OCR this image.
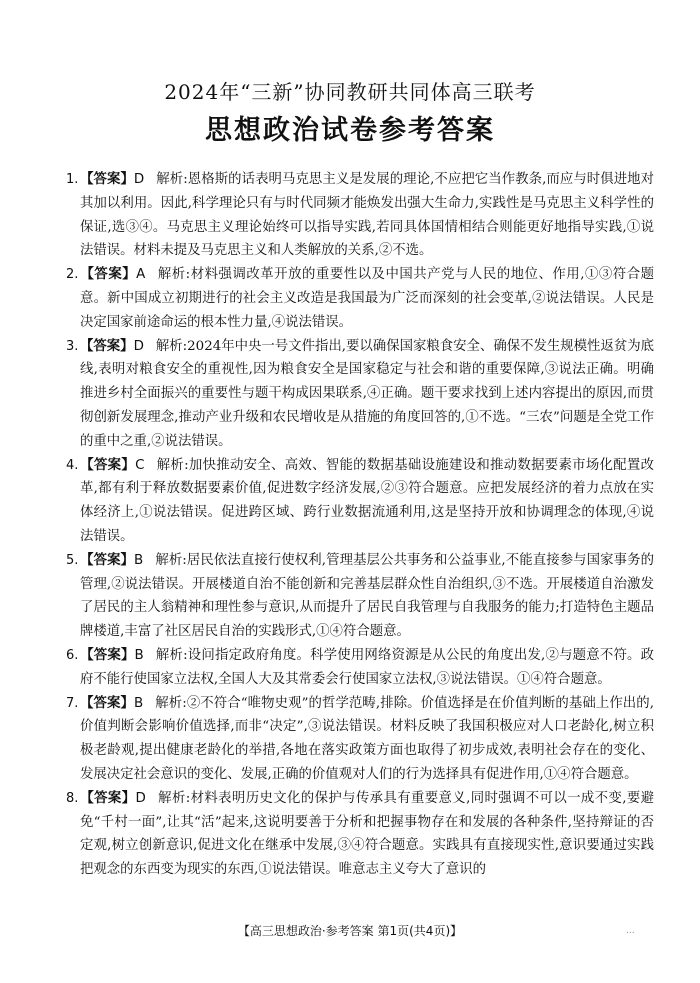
2024年“三新”协同教研共同体高三联考
思想政治试卷参考答案
1. 【答案】D 解析:恩格斯的话表明马克思主义是发展的理论,不应把它当作教条,而应与时俱进地对其加以利用。因此,科学理论只有与时代同频才能焕发出强大生命力,实践性是马克思主义科学性的保证,选③④。马克思主义理论始终可以指导实践,若同具体国情相结合则能更好地指导实践,①说法错误。材料未提及马克思主义和人类解放的关系,②不选。
2. 【答案】A 解析:材料强调改革开放的重要性以及中国共产党与人民的地位、作用,①③符合题意。新中国成立初期进行的社会主义改造是我国最为广泛而深刻的社会变革,②说法错误。人民是决定国家前途命运的根本性力量,④说法错误。
3. 【答案】D 解析:2024年中央一号文件指出,要以确保国家粮食安全、确保不发生规模性返贫为底线,表明对粮食安全的重视性,因为粮食安全是国家稳定与社会和谐的重要保障,③说法正确。明确推进乡村全面振兴的重要性与题干构成因果联系,④正确。题干要求找到上述内容提出的原因,而贯彻创新发展理念,推动产业升级和农民增收是从措施的角度回答的,①不选。“三农”问题是全党工作的重中之重,②说法错误。
4. 【答案】C 解析:加快推动安全、高效、智能的数据基础设施建设和推动数据要素市场化配置改革,都有利于释放数据要素价值,促进数字经济发展,②③符合题意。应把发展经济的着力点放在实体经济上,①说法错误。促进跨区域、跨行业数据流通利用,这是坚持开放和协调理念的体现,④说法错误。
5. 【答案】B 解析:居民依法直接行使权利,管理基层公共事务和公益事业,不能直接参与国家事务的管理,②说法错误。开展楼道自治不能创新和完善基层群众性自治组织,③不选。开展楼道自治激发了居民的主人翁精神和理性参与意识,从而提升了居民自我管理与自我服务的能力;打造特色主题品牌楼道,丰富了社区居民自治的实践形式,①④符合题意。
6. 【答案】B 解析:设问指定政府角度。科学使用网络资源是从公民的角度出发,②与题意不符。政府不能行使国家立法权,全国人大及其常委会行使国家立法权,③说法错误。①④符合题意。
7. 【答案】B 解析:②不符合“唯物史观”的哲学范畴,排除。价值选择是在价值判断的基础上作出的,价值判断会影响价值选择,而非“决定”,③说法错误。材料反映了我国积极应对人口老龄化,树立积极老龄观,提出健康老龄化的举措,各地在落实政策方面也取得了初步成效,表明社会存在的变化、发展决定社会意识的变化、发展,正确的价值观对人们的行为选择具有促进作用,①④符合题意。
8. 【答案】D 解析:材料表明历史文化的保护与传承具有重要意义,同时强调不可以一成不变,要避免“千村一面”,让其“活”起来,这说明要善于分析和把握事物存在和发展的各种条件,坚持辩证的否定观,树立创新意识,促进文化在继承中发展,③④符合题意。实践具有直接现实性,意识要通过实践把观念的东西变为现实的东西,①说法错误。唯意志主义夸大了意识的
【高三思想政治·参考答案 第1页(共4页)】	...
